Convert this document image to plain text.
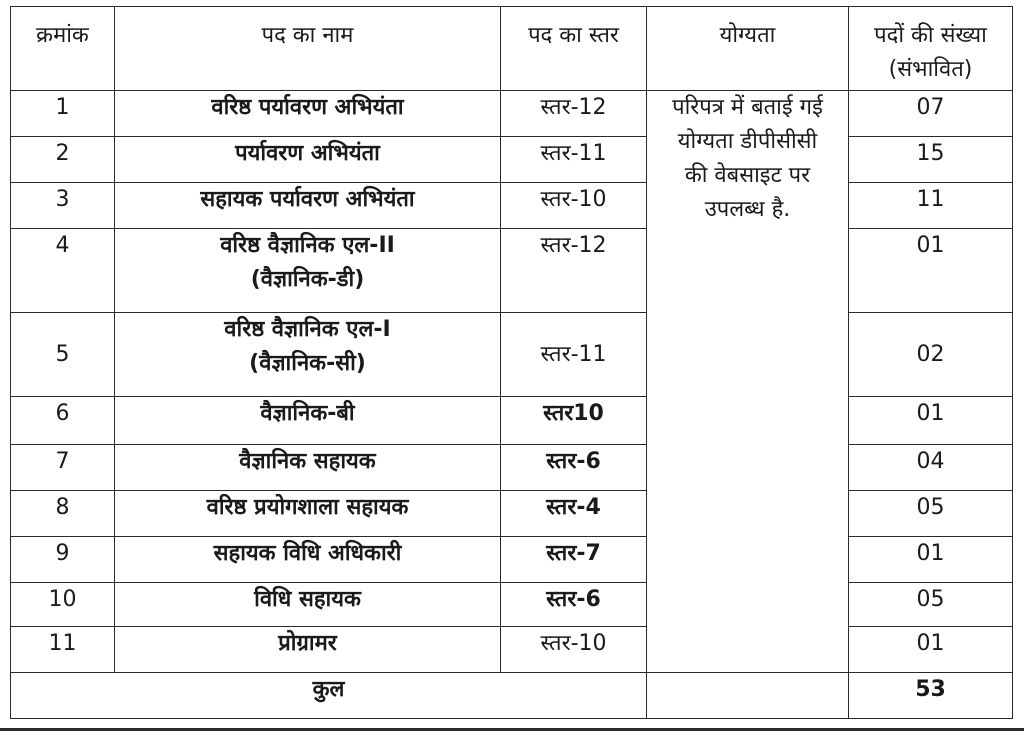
क्रमांक	पद का नाम	पद का स्तर	योग्यता	पदों की संख्या
(संभावित)

1	वरिष्ठ पर्यावरण अभियंता	स्तर-12	परिपत्र में बताई गई
योग्यता डीपीसीसी
की वेबसाइट पर
उपलब्ध है.	07
2	पर्यावरण अभियंता	स्तर-11		15
3	सहायक पर्यावरण अभियंता	स्तर-10		11
4	वरिष्ठ वैज्ञानिक एल-II
(वैज्ञानिक-डी)	स्तर-12		01
5	वरिष्ठ वैज्ञानिक एल-I
(वैज्ञानिक-सी)	स्तर-11		02
6	वैज्ञानिक-बी	स्तर10		01
7	वैज्ञानिक सहायक	स्तर-6		04
8	वरिष्ठ प्रयोगशाला सहायक	स्तर-4		05
9	सहायक विधि अधिकारी	स्तर-7		01
10	विधि सहायक	स्तर-6		05
11	प्रोग्रामर	स्तर-10		01
कुल				53
